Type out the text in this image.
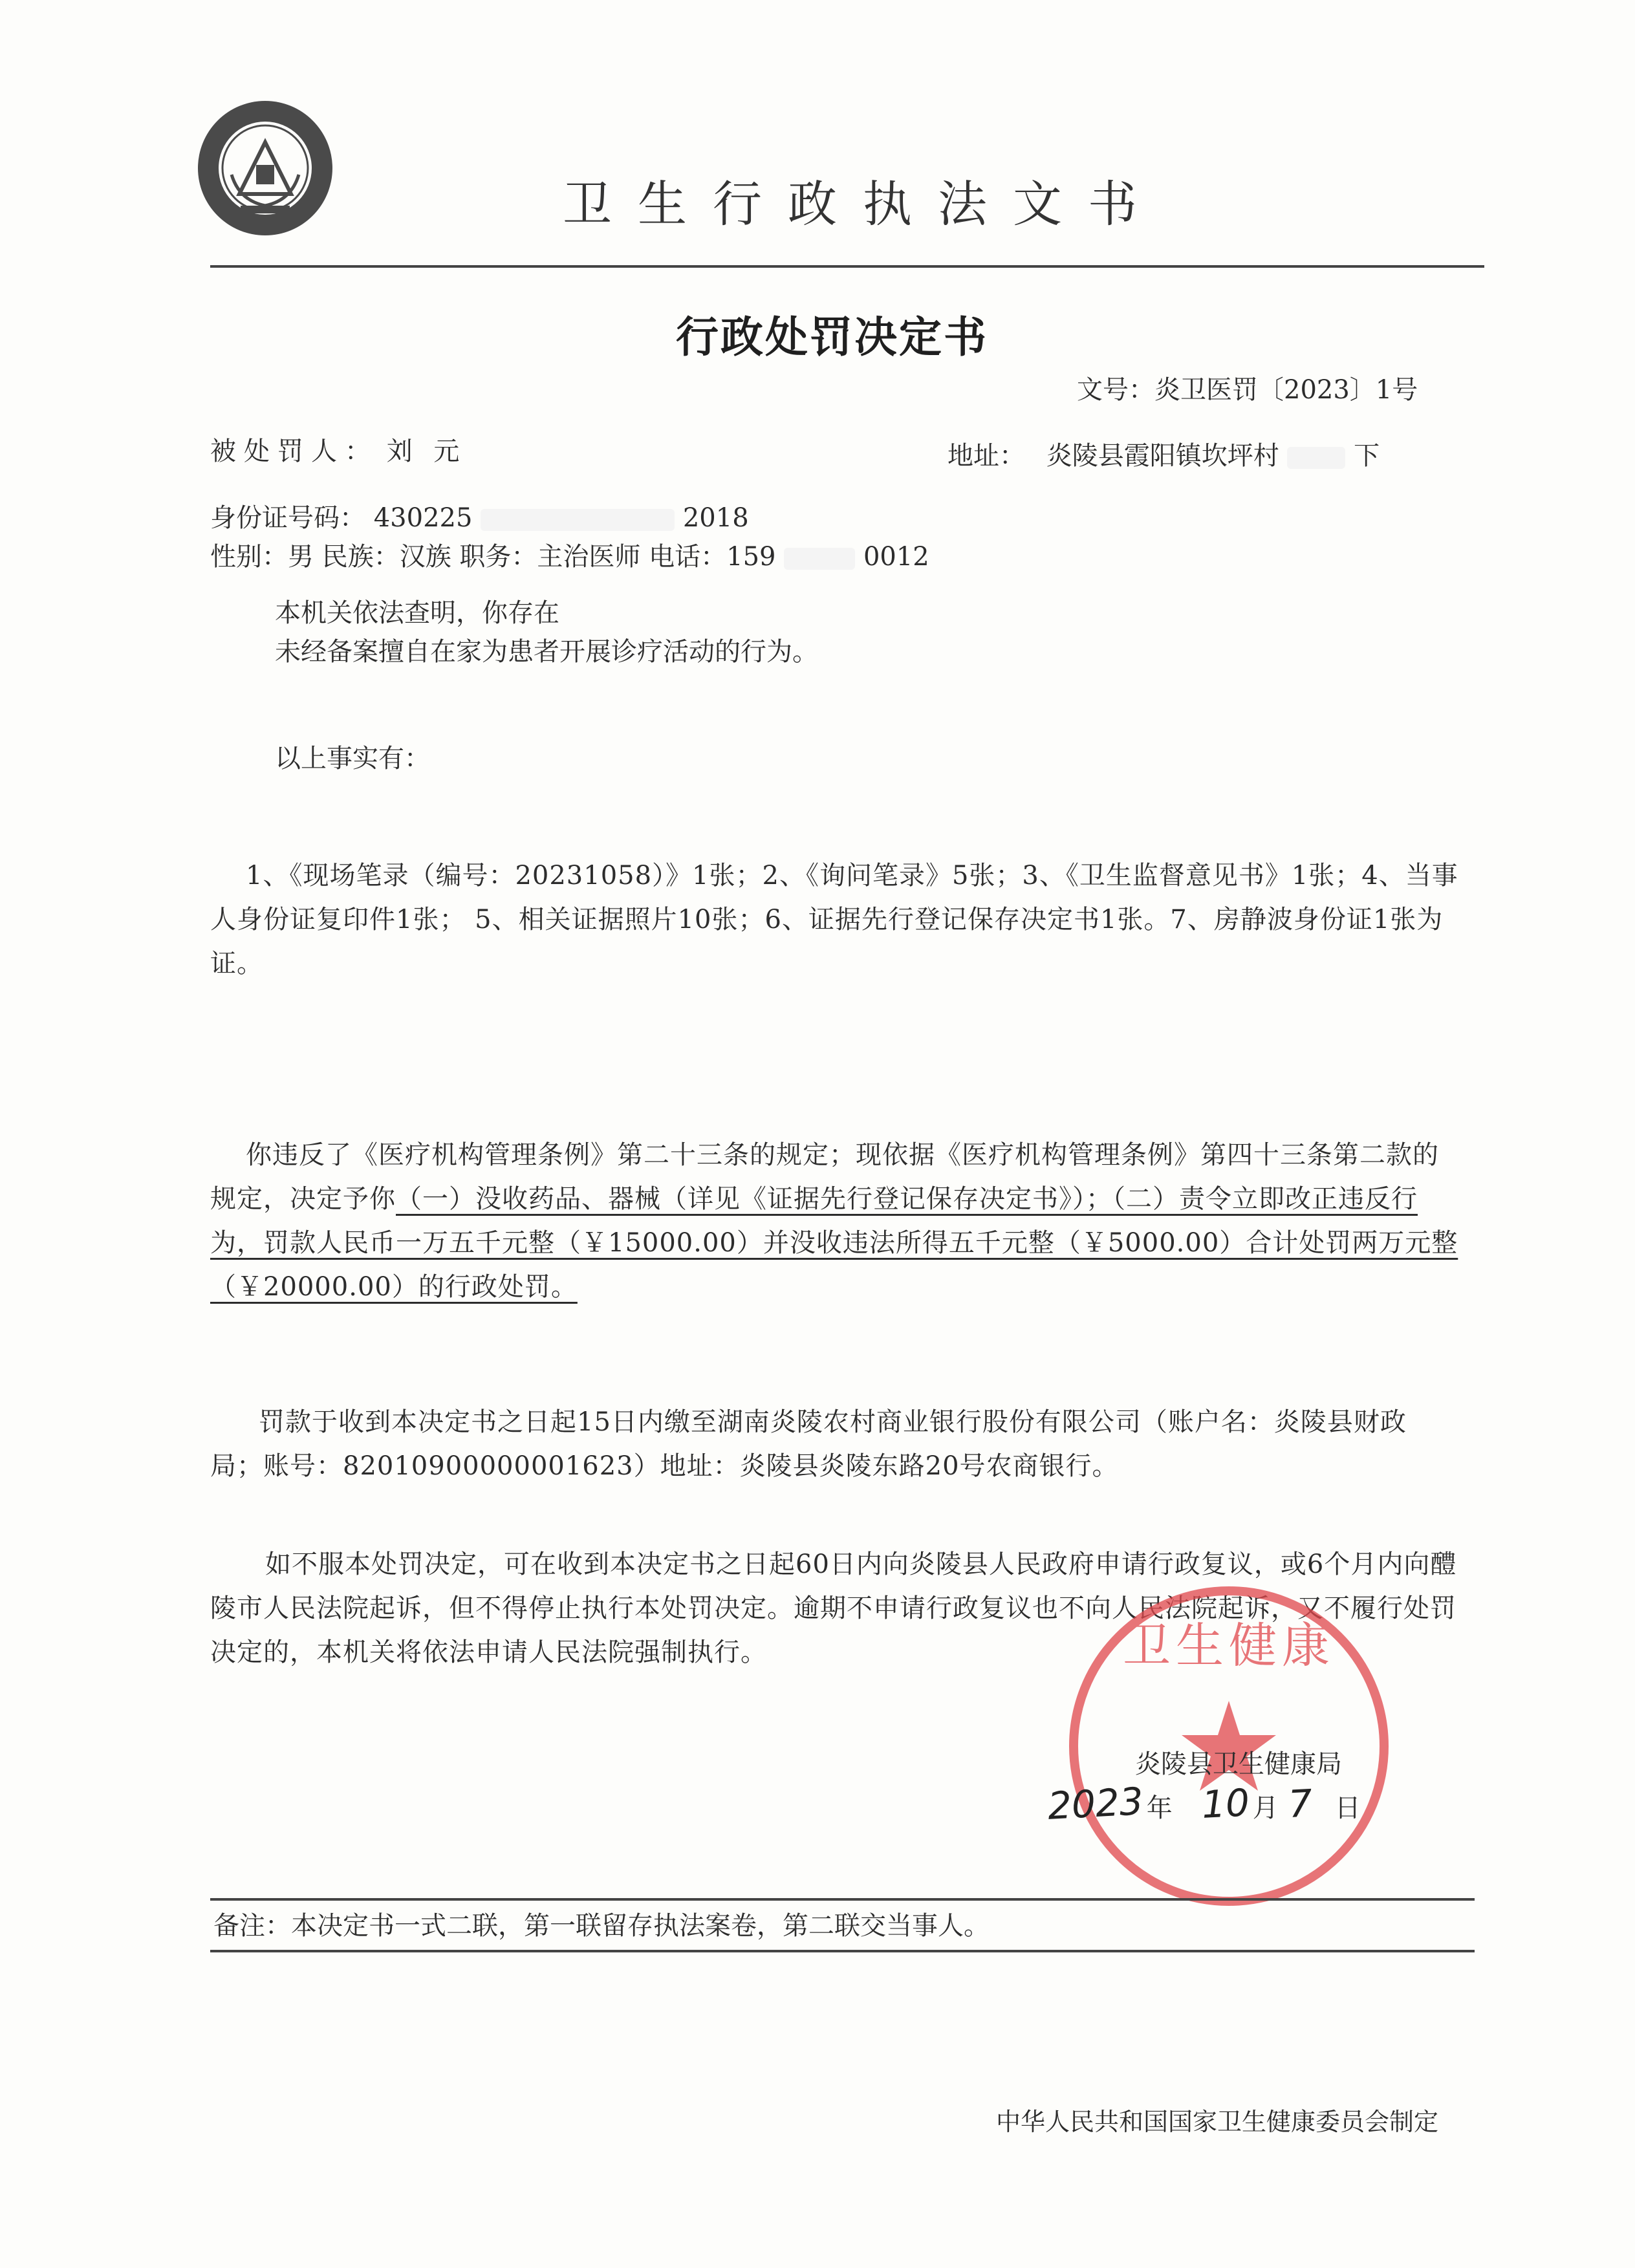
卫生行政执法文书
行政处罚决定书
文号：炎卫医罚〔2023〕1号
被处罚人： 刘 元	地址： 炎陵县霞阳镇坎坪村	下
身份证号码： 430225	2018
性别：男 民族：汉族 职务：主治医师 电话：159	0012
本机关依法查明，你存在
未经备案擅自在家为患者开展诊疗活动的行为。
以上事实有：
1、《现场笔录（编号：20231058）》1张；2、《询问笔录》5张；3、《卫生监督意见书》1张；4、当事人身份证复印件1张； 5、相关证据照片10张；6、证据先行登记保存决定书1张。7、房静波身份证1张为证。
你违反了《医疗机构管理条例》第二十三条的规定；现依据《医疗机构管理条例》第四十三条第二款的规定，决定予你（一）没收药品、器械（详见《证据先行登记保存决定书》）；（二）责令立即改正违反行为，罚款人民币一万五千元整（￥15000.00）并没收违法所得五千元整（￥5000.00）合计处罚两万元整（￥20000.00）的行政处罚。
罚款于收到本决定书之日起15日内缴至湖南炎陵农村商业银行股份有限公司（账户名：炎陵县财政局；账号：82010900000001623）地址：炎陵县炎陵东路20号农商银行。
如不服本处罚决定，可在收到本决定书之日起60日内向炎陵县人民政府申请行政复议，或6个月内向醴陵市人民法院起诉，但不得停止执行本处罚决定。逾期不申请行政复议也不向人民法院起诉，又不履行处罚决定的，本机关将依法申请人民法院强制执行。	卫生健康
炎陵县卫生健康局
2023 年 10 月 7 日
备注：本决定书一式二联，第一联留存执法案卷，第二联交当事人。
中华人民共和国国家卫生健康委员会制定
